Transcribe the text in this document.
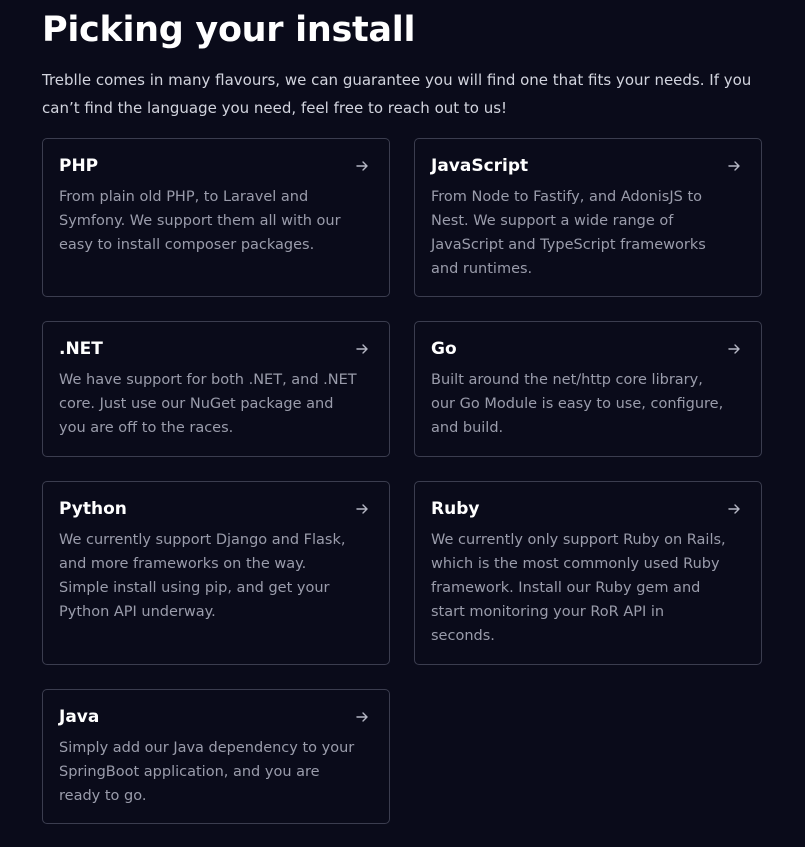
Picking your install

Treblle comes in many flavours, we can guarantee you will find one that fits your needs. If you can’t find the language you need, feel free to reach out to us!

PHP

From plain old PHP, to Laravel and Symfony. We support them all with our easy to install composer packages.

JavaScript

From Node to Fastify, and AdonisJS to Nest. We support a wide range of JavaScript and TypeScript frameworks and runtimes.

.NET

We have support for both .NET, and .NET core. Just use our NuGet package and you are off to the races.

Go

Built around the net/http core library, our Go Module is easy to use, configure, and build.

Python

We currently support Django and Flask, and more frameworks on the way. Simple install using pip, and get your Python API underway.

Ruby

We currently only support Ruby on Rails, which is the most commonly used Ruby framework. Install our Ruby gem and start monitoring your RoR API in seconds.

Java

Simply add our Java dependency to your SpringBoot application, and you are ready to go.
